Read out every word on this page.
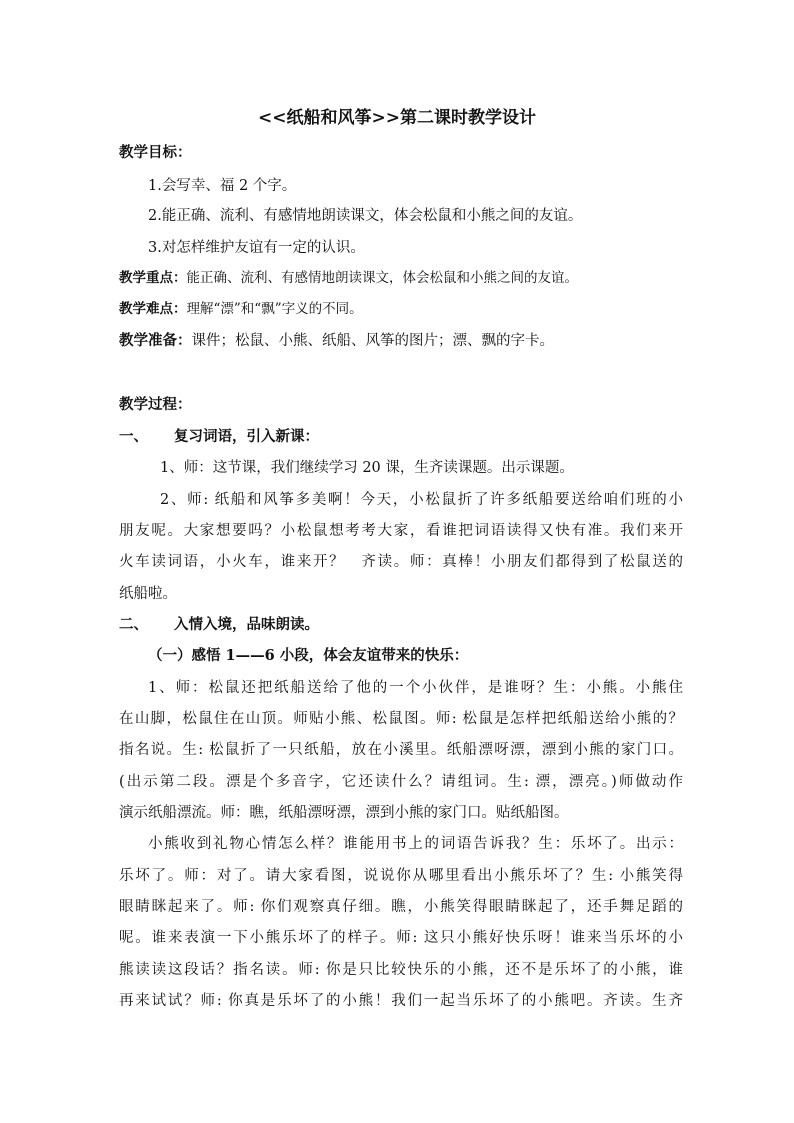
<<纸船和风筝>>第二课时教学设计
教学目标：
1.会写幸、福 2 个字。
2.能正确、流利、有感情地朗读课文，体会松鼠和小熊之间的友谊。
3.对怎样维护友谊有一定的认识。
教学重点：能正确、流利、有感情地朗读课文，体会松鼠和小熊之间的友谊。
教学难点：理解“漂”和“飘”字义的不同。
教学准备：课件；松鼠、小熊、纸船、风筝的图片；漂、飘的字卡。
教学过程：
一、 复习词语，引入新课：
1、师：这节课，我们继续学习 20 课，生齐读课题。出示课题。
2、师: 纸船和风筝多美啊！今天，小松鼠折了许多纸船要送给咱们班的小
朋友呢。大家想要吗？小松鼠想考考大家，看谁把词语读得又快有准。我们来开
火车读词语，小火车，谁来开？　齐读。师：真棒！小朋友们都得到了松鼠送的
纸船啦。
二、 入情入境，品味朗读。
（一）感悟 1——6 小段，体会友谊带来的快乐：
1、师：松鼠还把纸船送给了他的一个小伙伴，是谁呀？生：小熊。小熊住
在山脚，松鼠住在山顶。师贴小熊、松鼠图。师: 松鼠是怎样把纸船送给小熊的？
指名说。生: 松鼠折了一只纸船，放在小溪里。纸船漂呀漂，漂到小熊的家门口。
(出示第二段。漂是个多音字，它还读什么？请组词。生: 漂，漂亮。)师做动作
演示纸船漂流。师：瞧，纸船漂呀漂，漂到小熊的家门口。贴纸船图。
小熊收到礼物心情怎么样？谁能用书上的词语告诉我？生：乐坏了。出示：
乐坏了。师：对了。请大家看图，说说你从哪里看出小熊乐坏了？生: 小熊笑得
眼睛眯起来了。师: 你们观察真仔细。瞧，小熊笑得眼睛眯起了，还手舞足蹈的
呢。谁来表演一下小熊乐坏了的样子。师: 这只小熊好快乐呀！谁来当乐坏的小
熊读读这段话？指名读。师: 你是只比较快乐的小熊，还不是乐坏了的小熊，谁
再来试试？师: 你真是乐坏了的小熊！我们一起当乐坏了的小熊吧。齐读。生齐
